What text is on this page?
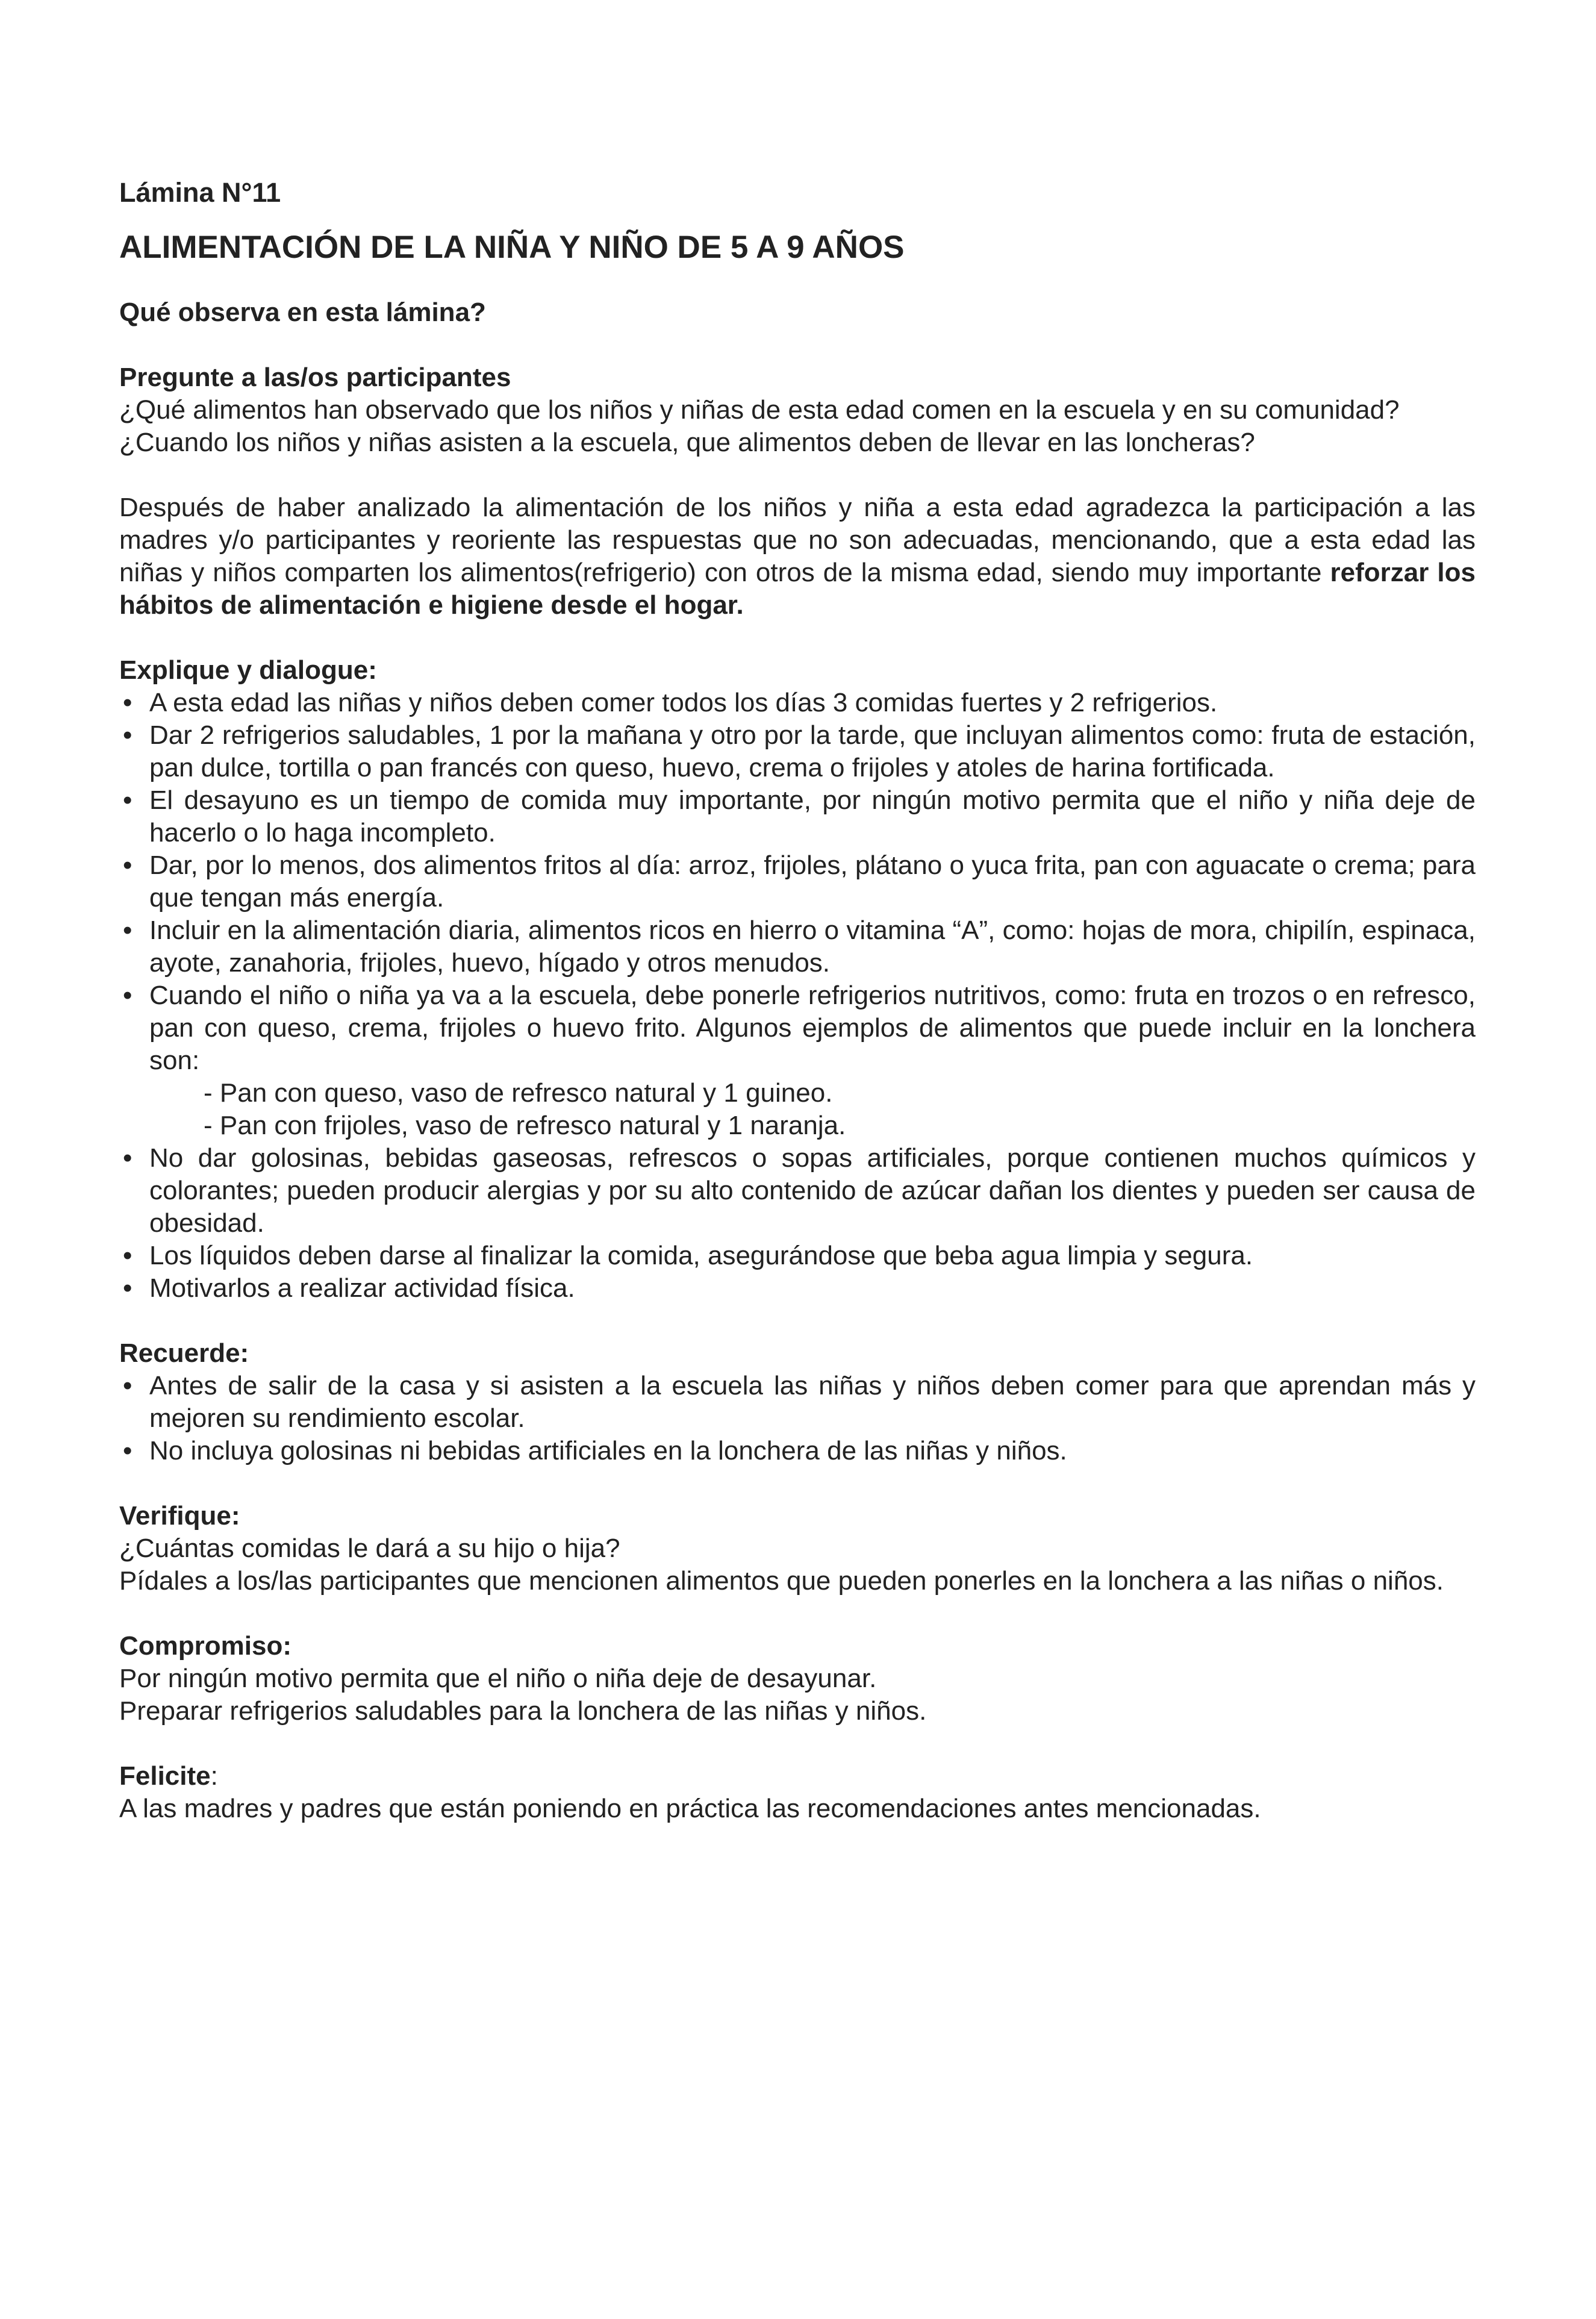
Lámina N°11
ALIMENTACIÓN DE LA NIÑA Y NIÑO DE 5 A 9 AÑOS
Qué observa en esta lámina?
Pregunte a las/os participantes

¿Qué alimentos han observado que los niños y niñas de esta edad comen en la escuela y en su comunidad?

¿Cuando los niños y niñas asisten a la escuela, que alimentos deben de llevar en las loncheras?

Después de haber analizado la alimentación de los niños y niña a esta edad agradezca la participación a las madres y/o participantes y reoriente las respuestas que no son adecuadas, mencionando, que a esta edad las niñas y niños comparten los alimentos(refrigerio) con otros de la misma edad, siendo muy importante reforzar los hábitos de alimentación e higiene desde el hogar.

Explique y dialogue:
• A esta edad las niñas y niños deben comer todos los días 3 comidas fuertes y 2 refrigerios.
• Dar 2 refrigerios saludables, 1 por la mañana y otro por la tarde, que incluyan alimentos como: fruta de estación, pan dulce, tortilla o pan francés con queso, huevo, crema o frijoles y atoles de harina fortificada.
• El desayuno es un tiempo de comida muy importante, por ningún motivo permita que el niño y niña deje de hacerlo o lo haga incompleto.
• Dar, por lo menos, dos alimentos fritos al día: arroz, frijoles, plátano o yuca frita, pan con aguacate o crema; para que tengan más energía.
• Incluir en la alimentación diaria, alimentos ricos en hierro o vitamina “A”, como: hojas de mora, chipilín, espinaca, ayote, zanahoria, frijoles, huevo, hígado y otros menudos.
• Cuando el niño o niña ya va a la escuela, debe ponerle refrigerios nutritivos, como: fruta en trozos o en refresco, pan con queso, crema, frijoles o huevo frito. Algunos ejemplos de alimentos que puede incluir en la lonchera son:
- Pan con queso, vaso de refresco natural y 1 guineo.
- Pan con frijoles, vaso de refresco natural y 1 naranja.
• No dar golosinas, bebidas gaseosas, refrescos o sopas artificiales, porque contienen muchos químicos y colorantes; pueden producir alergias y por su alto contenido de azúcar dañan los dientes y pueden ser causa de obesidad.
• Los líquidos deben darse al finalizar la comida, asegurándose que beba agua limpia y segura.
• Motivarlos a realizar actividad física.
Recuerde:
• Antes de salir de la casa y si asisten a la escuela las niñas y niños deben comer para que aprendan más y mejoren su rendimiento escolar.
• No incluya golosinas ni bebidas artificiales en la lonchera de las niñas y niños.
Verifique:

¿Cuántas comidas le dará a su hijo o hija?

Pídales a los/las participantes que mencionen alimentos que pueden ponerles en la lonchera a las niñas o niños.

Compromiso:

Por ningún motivo permita que el niño o niña deje de desayunar.

Preparar refrigerios saludables para la lonchera de las niñas y niños.

Felicite:

A las madres y padres que están poniendo en práctica las recomendaciones antes mencionadas.
